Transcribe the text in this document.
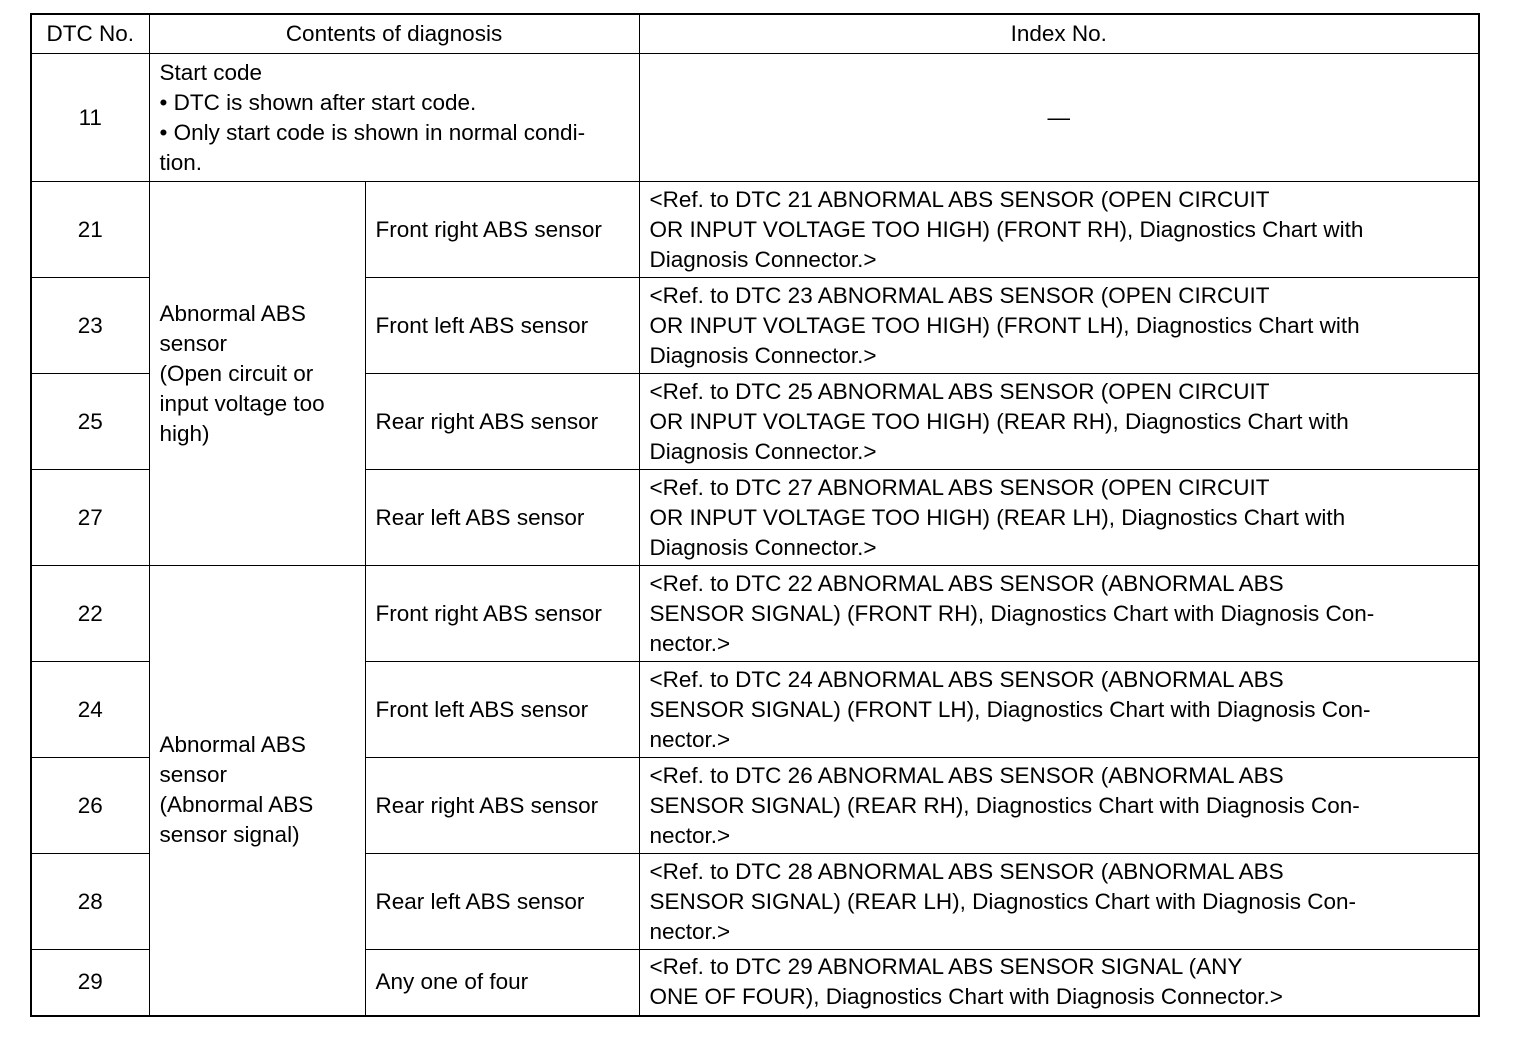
DTC No.	Contents of diagnosis		Index No.
11	Start code
• DTC is shown after start code.
• Only start code is shown in normal condi-
tion.		—
21	Abnormal ABS
sensor
(Open circuit or
input voltage too
high)	Front right ABS sensor	<Ref. to DTC 21 ABNORMAL ABS SENSOR (OPEN CIRCUIT
OR INPUT VOLTAGE TOO HIGH) (FRONT RH), Diagnostics Chart with
Diagnosis Connector.>

23		Front left ABS sensor	<Ref. to DTC 23 ABNORMAL ABS SENSOR (OPEN CIRCUIT
OR INPUT VOLTAGE TOO HIGH) (FRONT LH), Diagnostics Chart with
Diagnosis Connector.>

25		Rear right ABS sensor	<Ref. to DTC 25 ABNORMAL ABS SENSOR (OPEN CIRCUIT
OR INPUT VOLTAGE TOO HIGH) (REAR RH), Diagnostics Chart with
Diagnosis Connector.>

27		Rear left ABS sensor	<Ref. to DTC 27 ABNORMAL ABS SENSOR (OPEN CIRCUIT
OR INPUT VOLTAGE TOO HIGH) (REAR LH), Diagnostics Chart with
Diagnosis Connector.>

22	Abnormal ABS
sensor
(Abnormal ABS
sensor signal)	Front right ABS sensor	<Ref. to DTC 22 ABNORMAL ABS SENSOR (ABNORMAL ABS
SENSOR SIGNAL) (FRONT RH), Diagnostics Chart with Diagnosis Con-
nector.>

24		Front left ABS sensor	<Ref. to DTC 24 ABNORMAL ABS SENSOR (ABNORMAL ABS
SENSOR SIGNAL) (FRONT LH), Diagnostics Chart with Diagnosis Con-
nector.>

26		Rear right ABS sensor	<Ref. to DTC 26 ABNORMAL ABS SENSOR (ABNORMAL ABS
SENSOR SIGNAL) (REAR RH), Diagnostics Chart with Diagnosis Con-
nector.>

28		Rear left ABS sensor	<Ref. to DTC 28 ABNORMAL ABS SENSOR (ABNORMAL ABS
SENSOR SIGNAL) (REAR LH), Diagnostics Chart with Diagnosis Con-
nector.>

29		Any one of four	<Ref. to DTC 29 ABNORMAL ABS SENSOR SIGNAL (ANY
ONE OF FOUR), Diagnostics Chart with Diagnosis Connector.>
